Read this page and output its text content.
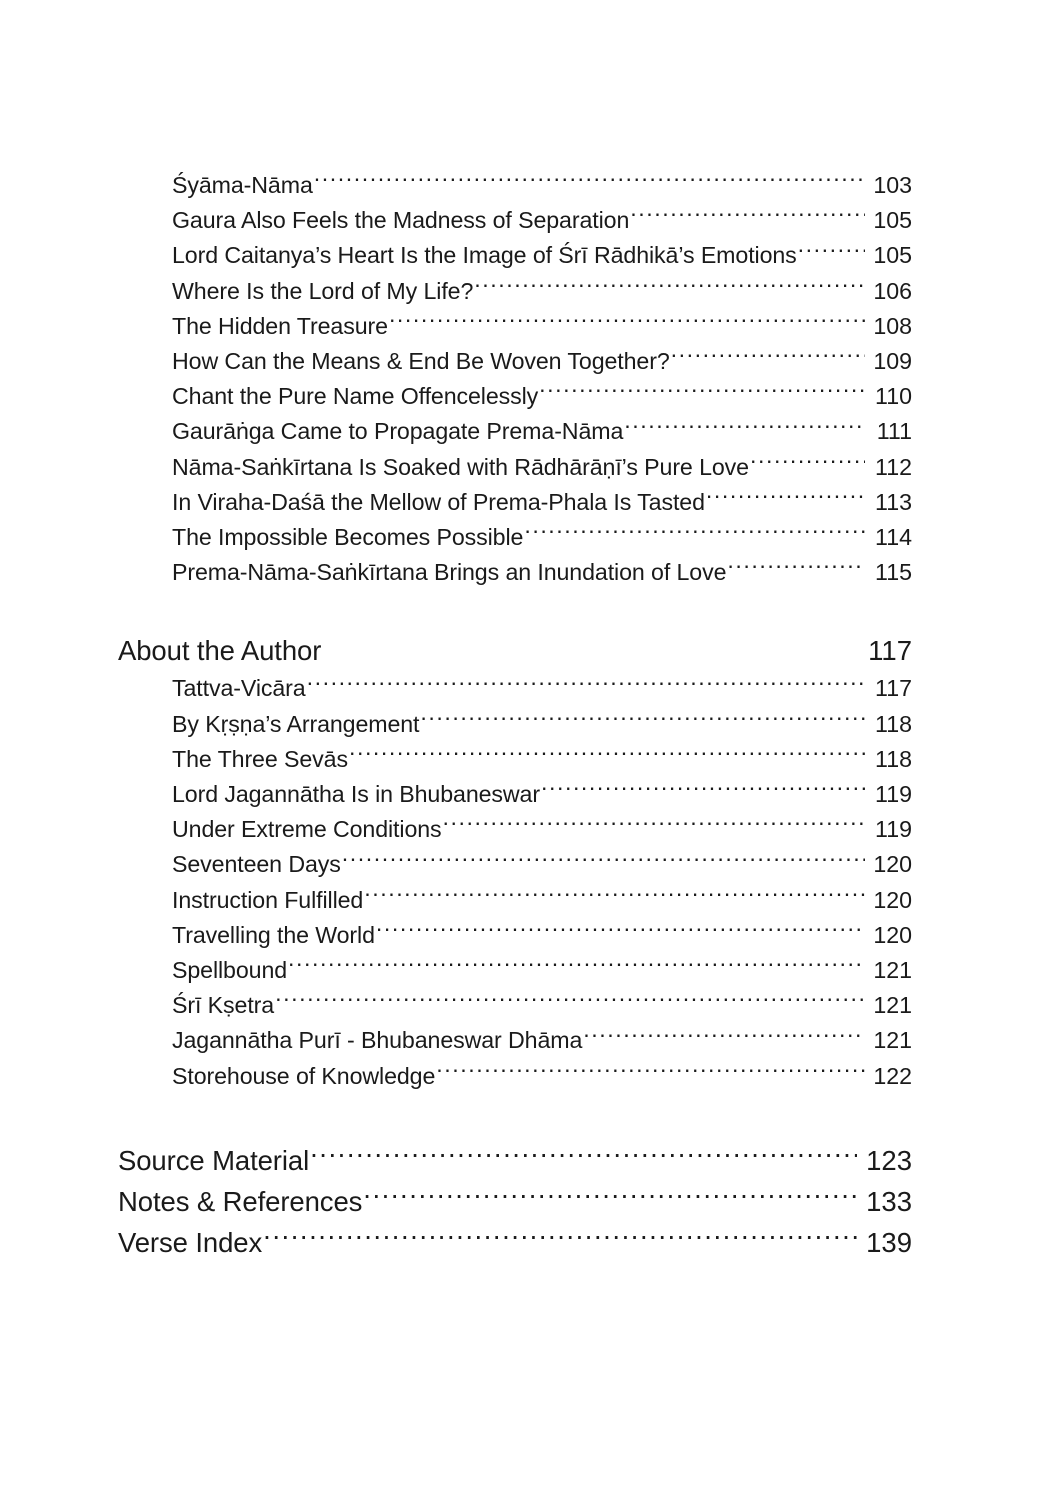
Śyāma-Nāma .....	103
Gaura Also Feels the Madness of Separation .....	105
Lord Caitanya’s Heart Is the Image of Śrī Rādhikā’s Emotions .....	105
Where Is the Lord of My Life? .....	106
The Hidden Treasure .....	108
How Can the Means & End Be Woven Together? .....	109
Chant the Pure Name Offencelessly .....	110
Gaurāṅga Came to Propagate Prema-Nāma .....	111
Nāma-Saṅkīrtana Is Soaked with Rādhārāṇī’s Pure Love .....	112
In Viraha-Daśā the Mellow of Prema-Phala Is Tasted .....	113
The Impossible Becomes Possible .....	114
Prema-Nāma-Saṅkīrtana Brings an Inundation of Love .....	115
About the Author	117
Tattva-Vicāra .....	117
By Kṛṣṇa’s Arrangement .....	118
The Three Sevās .....	118
Lord Jagannātha Is in Bhubaneswar .....	119
Under Extreme Conditions .....	119
Seventeen Days .....	120
Instruction Fulfilled .....	120
Travelling the World .....	120
Spellbound .....	121
Śrī Kṣetra .....	121
Jagannātha Purī - Bhubaneswar Dhāma .....	121
Storehouse of Knowledge .....	122
Source Material .....	123
Notes & References .....	133
Verse Index .....	139
